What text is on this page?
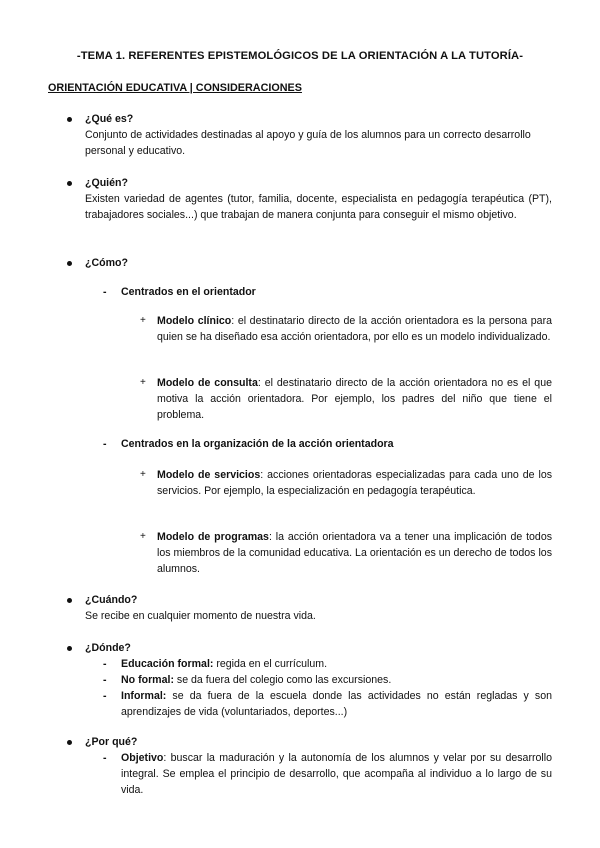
-TEMA 1. REFERENTES EPISTEMOLÓGICOS DE LA ORIENTACIÓN A LA TUTORÍA-
ORIENTACIÓN EDUCATIVA | CONSIDERACIONES
¿Qué es?
Conjunto de actividades destinadas al apoyo y guía de los alumnos para un correcto desarrollo personal y educativo.
¿Quién?
Existen variedad de agentes (tutor, familia, docente, especialista en pedagogía terapéutica (PT), trabajadores sociales...) que trabajan de manera conjunta para conseguir el mismo objetivo.
¿Cómo?
- Centrados en el orientador
+ Modelo clínico: el destinatario directo de la acción orientadora es la persona para quien se ha diseñado esa acción orientadora, por ello es un modelo individualizado.
+ Modelo de consulta: el destinatario directo de la acción orientadora no es el que motiva la acción orientadora. Por ejemplo, los padres del niño que tiene el problema.
- Centrados en la organización de la acción orientadora
+ Modelo de servicios: acciones orientadoras especializadas para cada uno de los servicios. Por ejemplo, la especialización en pedagogía terapéutica.
+ Modelo de programas: la acción orientadora va a tener una implicación de todos los miembros de la comunidad educativa. La orientación es un derecho de todos los alumnos.
¿Cuándo?
Se recibe en cualquier momento de nuestra vida.
¿Dónde?
- Educación formal: regida en el currículum.
- No formal: se da fuera del colegio como las excursiones.
- Informal: se da fuera de la escuela donde las actividades no están regladas y son aprendizajes de vida (voluntariados, deportes...)
¿Por qué?
- Objetivo: buscar la maduración y la autonomía de los alumnos y velar por su desarrollo integral. Se emplea el principio de desarrollo, que acompaña al individuo a lo largo de su vida.
